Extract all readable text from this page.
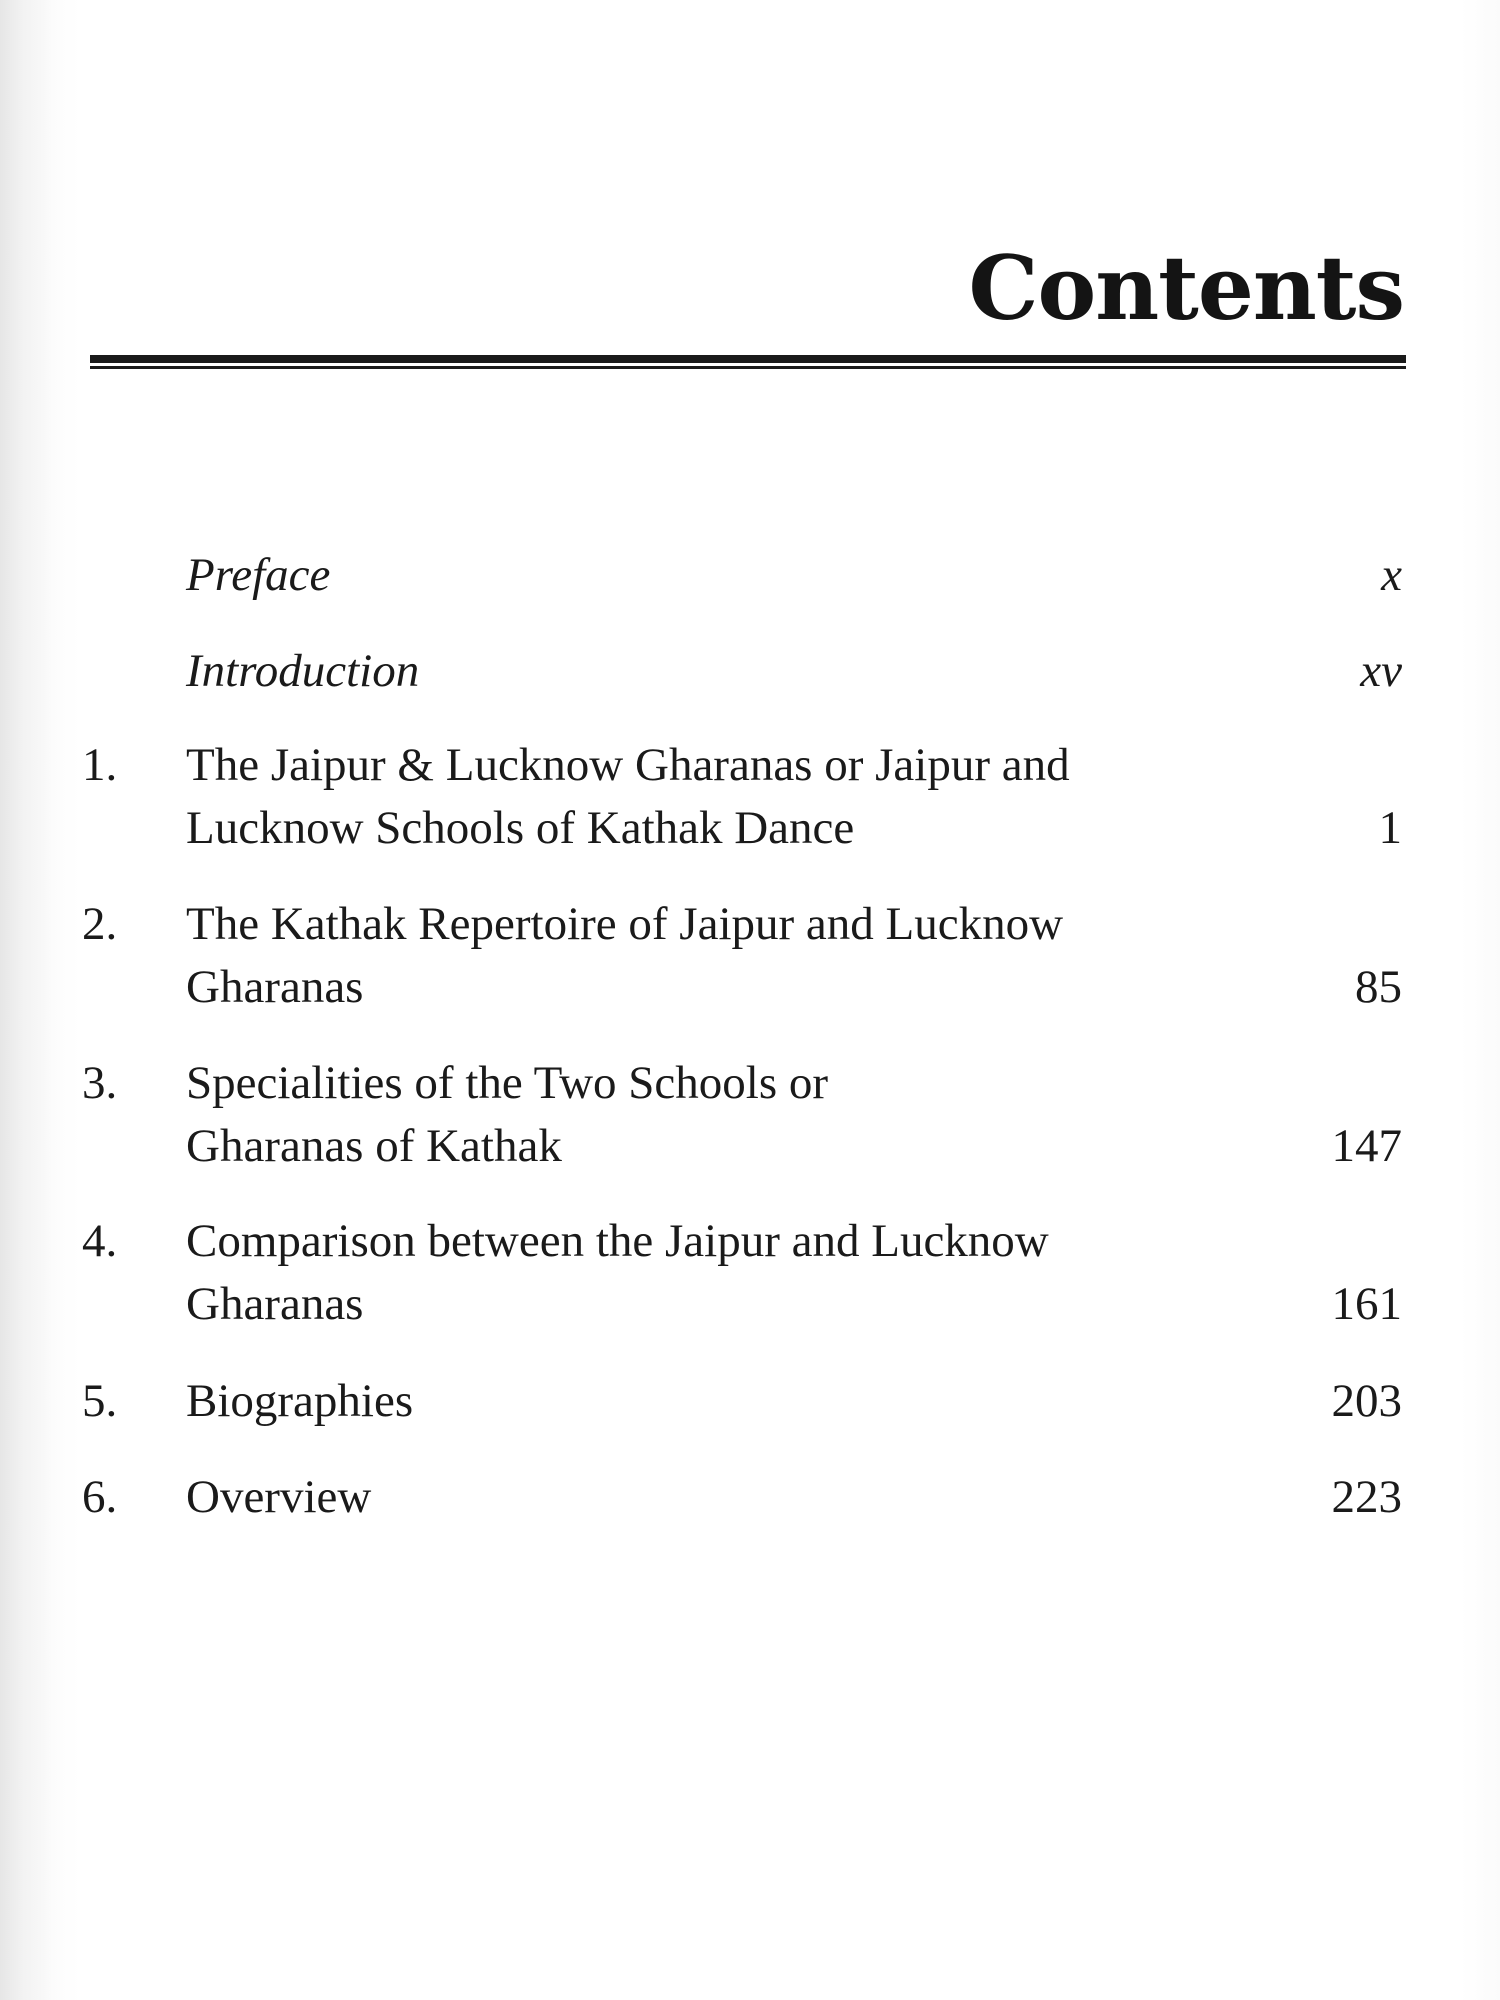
Contents
Preface	x
Introduction	xv
1. The Jaipur & Lucknow Gharanas or Jaipur and
Lucknow Schools of Kathak Dance	1
2. The Kathak Repertoire of Jaipur and Lucknow
Gharanas	85
3. Specialities of the Two Schools or
Gharanas of Kathak	147
4. Comparison between the Jaipur and Lucknow
Gharanas	161
5. Biographies	203
6. Overview	223
